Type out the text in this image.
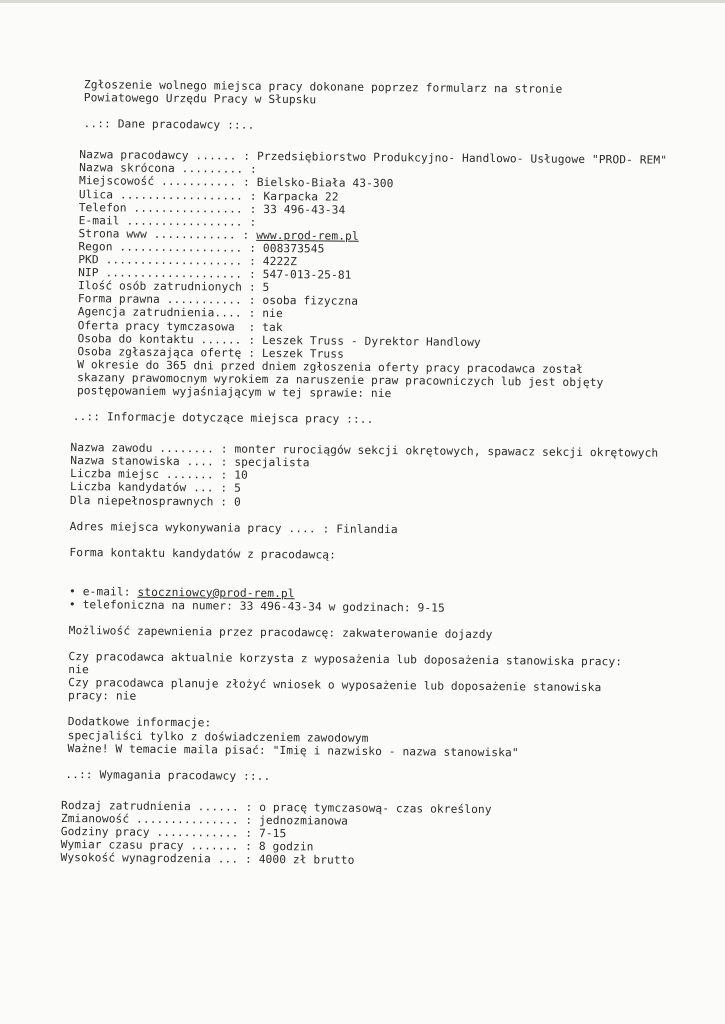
Zgłoszenie wolnego miejsca pracy dokonane poprzez formularz na stronie
Powiatowego Urzędu Pracy w Słupsku
..:: Dane pracodawcy ::..
Nazwa pracodawcy ...... : Przedsiębiorstwo Produkcyjno- Handlowo- Usługowe "PROD- REM"
Nazwa skrócona ......... :
Miejscowość ........... : Bielsko-Biała 43-300
Ulica .................. : Karpacka 22
Telefon ................ : 33 496-43-34
E-mail ................. :
Strona www ............ : www.prod-rem.pl
Regon .................. : 008373545
PKD .................... : 4222Z
NIP .................... : 547-013-25-81
Ilość osób zatrudnionych : 5
Forma prawna ........... : osoba fizyczna
Agencja zatrudnienia.... : nie
Oferta pracy tymczasowa  : tak
Osoba do kontaktu ...... : Leszek Truss - Dyrektor Handlowy
Osoba zgłaszająca ofertę : Leszek Truss
W okresie do 365 dni przed dniem zgłoszenia oferty pracy pracodawca został skazany prawomocnym wyrokiem za naruszenie praw pracowniczych lub jest objęty postępowaniem wyjaśniającym w tej sprawie: nie
..:: Informacje dotyczące miejsca pracy ::..
Nazwa zawodu ........ : monter rurociągów sekcji okrętowych, spawacz sekcji okrętowych
Nazwa stanowiska .... : specjalista
Liczba miejsc ....... : 10
Liczba kandydatów ... : 5
Dla niepełnosprawnych : 0
Adres miejsca wykonywania pracy .... : Finlandia
Forma kontaktu kandydatów z pracodawcą:
• e-mail: stoczniowcy@prod-rem.pl
• telefoniczna na numer: 33 496-43-34 w godzinach: 9-15
Możliwość zapewnienia przez pracodawcę: zakwaterowanie dojazdy
Czy pracodawca aktualnie korzysta z wyposażenia lub doposażenia stanowiska pracy: nie
Czy pracodawca planuje złożyć wniosek o wyposażenie lub doposażenie stanowiska pracy: nie
Dodatkowe informacje:
specjaliści tylko z doświadczeniem zawodowym
Ważne! W temacie maila pisać: "Imię i nazwisko - nazwa stanowiska"
..:: Wymagania pracodawcy ::..
Rodzaj zatrudnienia ...... : o pracę tymczasową- czas określony
Zmianowość ............... : jednozmianowa
Godziny pracy ............ : 7-15
Wymiar czasu pracy ....... : 8 godzin
Wysokość wynagrodzenia ... : 4000 zł brutto
